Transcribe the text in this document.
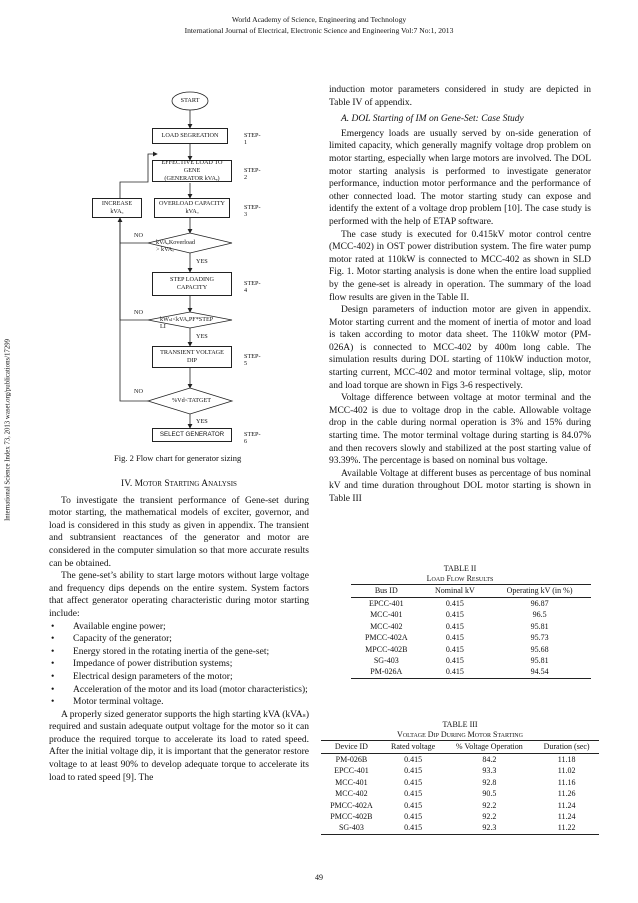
World Academy of Science, Engineering and Technology
International Journal of Electrical, Electronic Science and Engineering Vol:7 No:1, 2013
International Science Index 73, 2013 waset.org/publications/17299
START
LOAD SEGREATION
EFFECTIVE LOAD TO GENE
(GENERATOR kVAₑ)
OVERLOAD CAPACITY
kVAₒ
INCREASE kVA꜀
kVAₑKoverload > kVAₒ
NO
YES
STEP LOADING CAPACITY
kWₛₗ<kVAₑPF*STEP LI
NO
YES
TRANSIENT VOLTAGE DIP
%Vd<TATGET
NO
YES
SELECT GENERATOR
STEP-1
STEP-2
STEP-3
STEP-4
STEP-5
STEP-6
Fig. 2 Flow chart for generator sizing

IV. Motor Starting Analysis

To investigate the transient performance of Gene-set during motor starting, the mathematical models of exciter, governor, and load is considered in this study as given in appendix. The transient and subtransient reactances of the generator and motor are considered in the computer simulation so that more accurate results can be obtained.

The gene-set’s ability to start large motors without large voltage and frequency dips depends on the entire system. System factors that affect generator operating characteristic during motor starting include:

• Available engine power;
• Capacity of the generator;
• Energy stored in the rotating inertia of the gene-set;
• Impedance of power distribution systems;
• Electrical design parameters of the motor;
• Acceleration of the motor and its load (motor characteristics);
• Motor terminal voltage.

A properly sized generator supports the high starting kVA (kVAₛ) required and sustain adequate output voltage for the motor so it can produce the required torque to accelerate its load to rated speed. After the initial voltage dip, it is important that the generator restore voltage to at least 90% to develop adequate torque to accelerate its load to rated speed [9]. The

induction motor parameters considered in study are depicted in Table IV of appendix.

A. DOL Starting of IM on Gene-Set: Case Study

Emergency loads are usually served by on-side generation of limited capacity, which generally magnify voltage drop problem on motor starting, especially when large motors are involved. The DOL motor starting analysis is performed to investigate generator performance, induction motor performance and the performance of other connected load. The motor starting study can expose and identify the extent of a voltage drop problem [10]. The case study is performed with the help of ETAP software.

The case study is executed for 0.415kV motor control centre (MCC-402) in OST power distribution system. The fire water pump motor rated at 110kW is connected to MCC-402 as shown in SLD Fig. 1. Motor starting analysis is done when the entire load supplied by the gene-set is already in operation. The summary of the load flow results are given in the Table II.

Design parameters of induction motor are given in appendix. Motor starting current and the moment of inertia of motor and load is taken according to motor data sheet. The 110kW motor (PM-026A) is connected to MCC-402 by 400m long cable. The simulation results during DOL starting of 110kW induction motor, starting current, MCC-402 and motor terminal voltage, slip, motor and load torque are shown in Figs 3-6 respectively.

Voltage difference between voltage at motor terminal and the MCC-402 is due to voltage drop in the cable. Allowable voltage drop in the cable during normal operation is 3% and 15% during starting time. The motor terminal voltage during starting is 84.07% and then recovers slowly and stabilized at the post starting value of 93.39%. The percentage is based on nominal bus voltage.

Available Voltage at different buses as percentage of bus nominal kV and time duration throughout DOL motor starting is shown in Table III

TABLE II
Load Flow Results
Bus ID	Nominal kV	Operating kV (in %)
EPCC-401	0.415	96.87
MCC-401	0.415	96.5
MCC-402	0.415	95.81
PMCC-402A	0.415	95.73
MPCC-402B	0.415	95.68
SG-403	0.415	95.81
PM-026A	0.415	94.54
TABLE III
Voltage Dip During Motor Starting
Device ID	Rated voltage	% Voltage Operation	Duration (sec)
PM-026B	0.415	84.2	11.18
EPCC-401	0.415	93.3	11.02
MCC-401	0.415	92.8	11.16
MCC-402	0.415	90.5	11.26
PMCC-402A	0.415	92.2	11.24
PMCC-402B	0.415	92.2	11.24
SG-403	0.415	92.3	11.22
49
